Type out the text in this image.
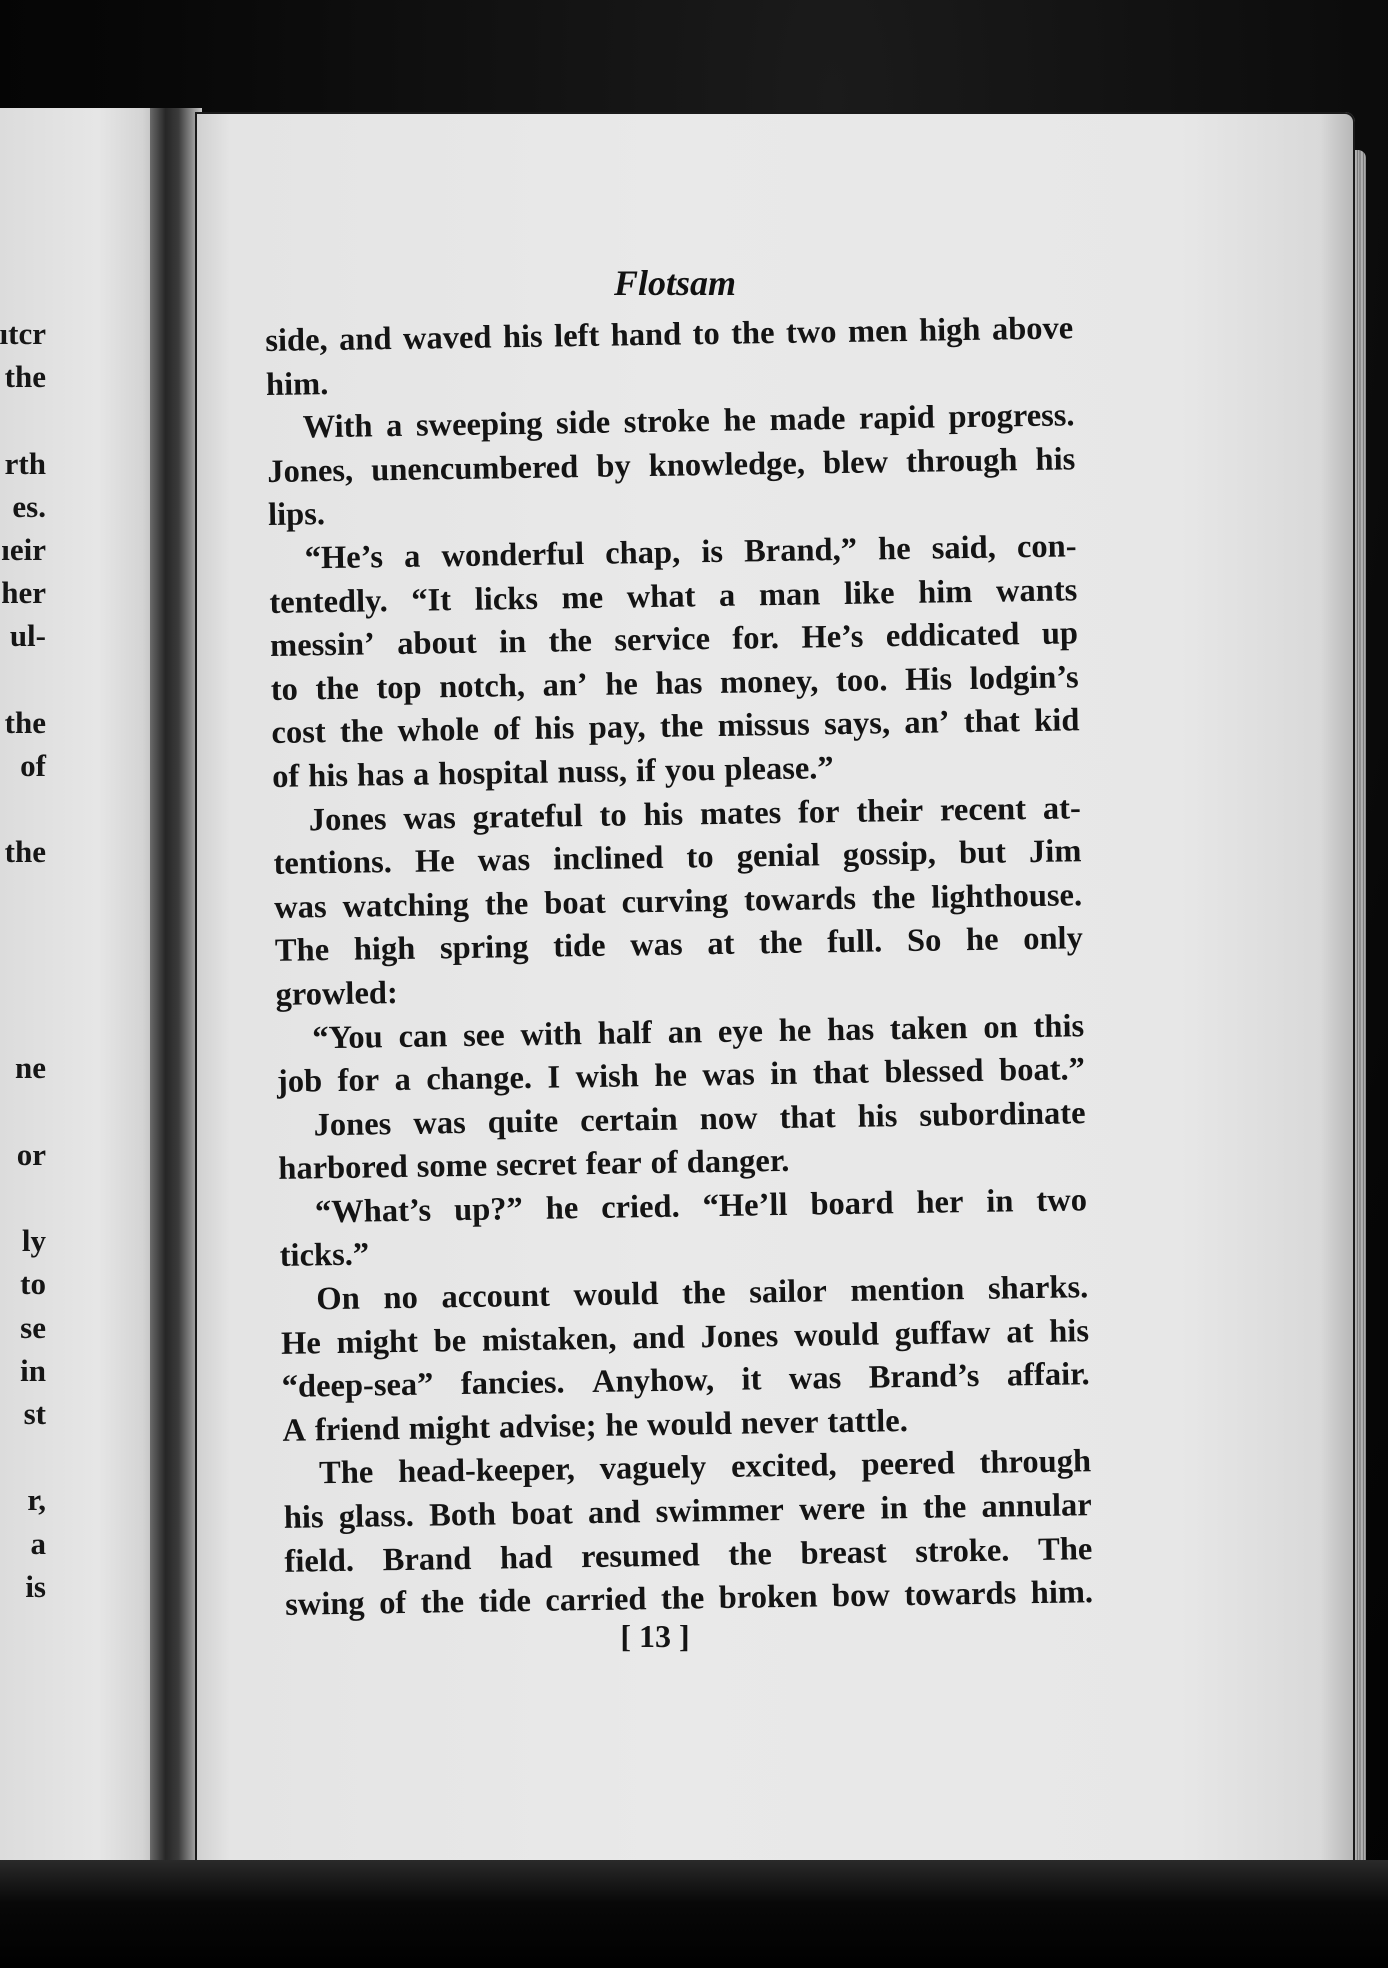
ıtcr
the
rth
es.
ıeir
her
ul-
the
of
the
ne
or
ly
to
se
in
st
r,
a
is
Flotsam
side, and waved his left hand to the two men high above
him.
With a sweeping side stroke he made rapid progress.
Jones, unencumbered by knowledge, blew through his
lips.
“He’s a wonderful chap, is Brand,” he said, con-
tentedly. “It licks me what a man like him wants
messin’ about in the service for. He’s eddicated up
to the top notch, an’ he has money, too. His lodgin’s
cost the whole of his pay, the missus says, an’ that kid
of his has a hospital nuss, if you please.”
Jones was grateful to his mates for their recent at-
tentions. He was inclined to genial gossip, but Jim
was watching the boat curving towards the lighthouse.
The high spring tide was at the full. So he only
growled:
“You can see with half an eye he has taken on this
job for a change. I wish he was in that blessed boat.”
Jones was quite certain now that his subordinate
harbored some secret fear of danger.
“What’s up?” he cried. “He’ll board her in two
ticks.”
On no account would the sailor mention sharks.
He might be mistaken, and Jones would guffaw at his
“deep-sea” fancies. Anyhow, it was Brand’s affair.
A friend might advise; he would never tattle.
The head-keeper, vaguely excited, peered through
his glass. Both boat and swimmer were in the annular
field. Brand had resumed the breast stroke. The
swing of the tide carried the broken bow towards him.
[ 13 ]
